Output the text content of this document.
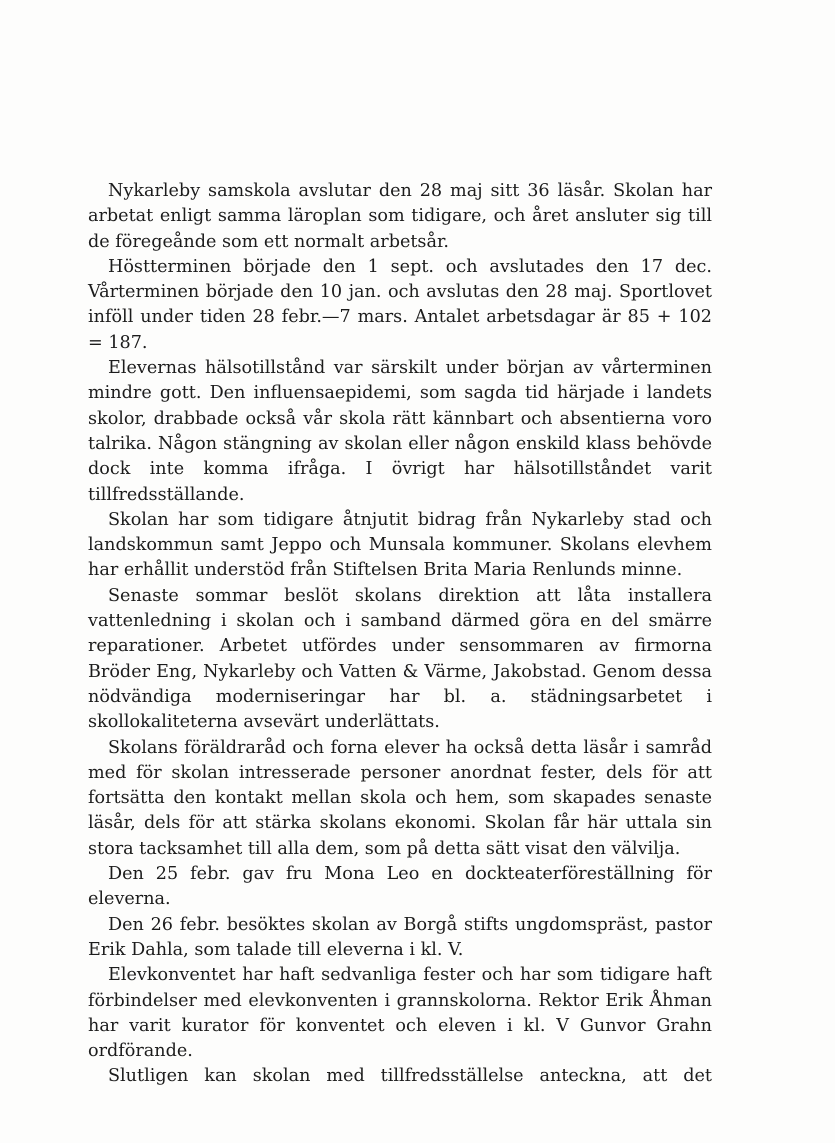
Nykarleby samskola avslutar den 28 maj sitt 36 läsår. Skolan har arbetat enligt samma läroplan som tidigare, och året ansluter sig till de föregeånde som ett normalt arbetsår.

Höstterminen började den 1 sept. och avslutades den 17 dec. Vårterminen började den 10 jan. och avslutas den 28 maj. Sportlovet inföll under tiden 28 febr.—7 mars. Antalet arbetsdagar är 85 + 102 = 187.

Elevernas hälsotillstånd var särskilt under början av vårterminen mindre gott. Den influensaepidemi, som sagda tid härjade i landets skolor, drabbade också vår skola rätt kännbart och absentierna voro talrika. Någon stängning av skolan eller någon enskild klass behövde dock inte komma ifråga. I övrigt har hälsotillståndet varit tillfredsställande.

Skolan har som tidigare åtnjutit bidrag från Nykarleby stad och landskommun samt Jeppo och Munsala kommuner. Skolans elevhem har erhållit understöd från Stiftelsen Brita Maria Renlunds minne.

Senaste sommar beslöt skolans direktion att låta installera vattenledning i skolan och i samband därmed göra en del smärre reparationer. Arbetet utfördes under sensommaren av firmorna Bröder Eng, Nykarleby och Vatten & Värme, Jakobstad. Genom dessa nödvändiga moderniseringar har bl. a. städningsarbetet i skollokaliteterna avsevärt underlättats.

Skolans föräldraråd och forna elever ha också detta läsår i samråd med för skolan intresserade personer anordnat fester, dels för att fortsätta den kontakt mellan skola och hem, som skapades senaste läsår, dels för att stärka skolans ekonomi. Skolan får här uttala sin stora tacksamhet till alla dem, som på detta sätt visat den välvilja.

Den 25 febr. gav fru Mona Leo en dockteaterföreställning för eleverna.

Den 26 febr. besöktes skolan av Borgå stifts ungdomspräst, pastor Erik Dahla, som talade till eleverna i kl. V.

Elevkonventet har haft sedvanliga fester och har som tidigare haft förbindelser med elevkonventen i grannskolorna. Rektor Erik Åhman har varit kurator för konventet och eleven i kl. V Gunvor Grahn ordförande.

Slutligen kan skolan med tillfredsställelse anteckna, att det
